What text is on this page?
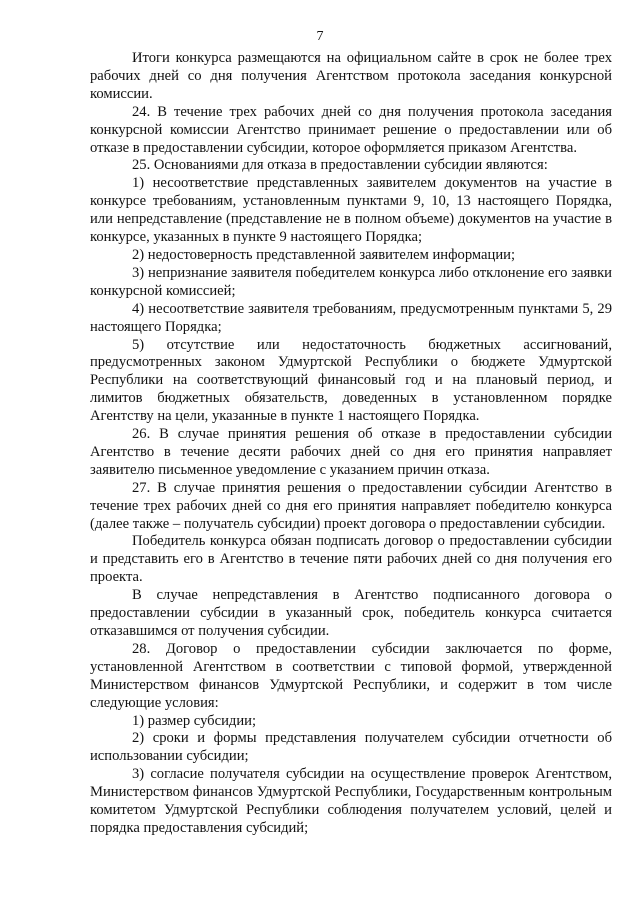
7

Итоги конкурса размещаются на официальном сайте в срок не более трех рабочих дней со дня получения Агентством протокола заседания конкурсной комиссии.

24. В течение трех рабочих дней со дня получения протокола заседания конкурсной комиссии Агентство принимает решение о предоставлении или об отказе в предоставлении субсидии, которое оформляется приказом Агентства.

25. Основаниями для отказа в предоставлении субсидии являются:

1) несоответствие представленных заявителем документов на участие в конкурсе требованиям, установленным пунктами 9, 10, 13 настоящего Порядка, или непредставление (представление не в полном объеме) документов на участие в конкурсе, указанных в пункте 9 настоящего Порядка;

2) недостоверность представленной заявителем информации;

3) непризнание заявителя победителем конкурса либо отклонение его заявки конкурсной комиссией;

4) несоответствие заявителя требованиям, предусмотренным пунктами 5, 29 настоящего Порядка;

5) отсутствие или недостаточность бюджетных ассигнований, предусмотренных законом Удмуртской Республики о бюджете Удмуртской Республики на соответствующий финансовый год и на плановый период, и лимитов бюджетных обязательств, доведенных в установленном порядке Агентству на цели, указанные в пункте 1 настоящего Порядка.

26. В случае принятия решения об отказе в предоставлении субсидии Агентство в течение десяти рабочих дней со дня его принятия направляет заявителю письменное уведомление с указанием причин отказа.

27. В случае принятия решения о предоставлении субсидии Агентство в течение трех рабочих дней со дня его принятия направляет победителю конкурса (далее также – получатель субсидии) проект договора о предоставлении субсидии.

Победитель конкурса обязан подписать договор о предоставлении субсидии и представить его в Агентство в течение пяти рабочих дней со дня получения его проекта.

В случае непредставления в Агентство подписанного договора о предоставлении субсидии в указанный срок, победитель конкурса считается отказавшимся от получения субсидии.

28. Договор о предоставлении субсидии заключается по форме, установленной Агентством в соответствии с типовой формой, утвержденной Министерством финансов Удмуртской Республики, и содержит в том числе следующие условия:

1) размер субсидии;

2) сроки и формы представления получателем субсидии отчетности об использовании субсидии;

3) согласие получателя субсидии на осуществление проверок Агентством, Министерством финансов Удмуртской Республики, Государственным контрольным комитетом Удмуртской Республики соблюдения получателем условий, целей и порядка предоставления субсидий;
